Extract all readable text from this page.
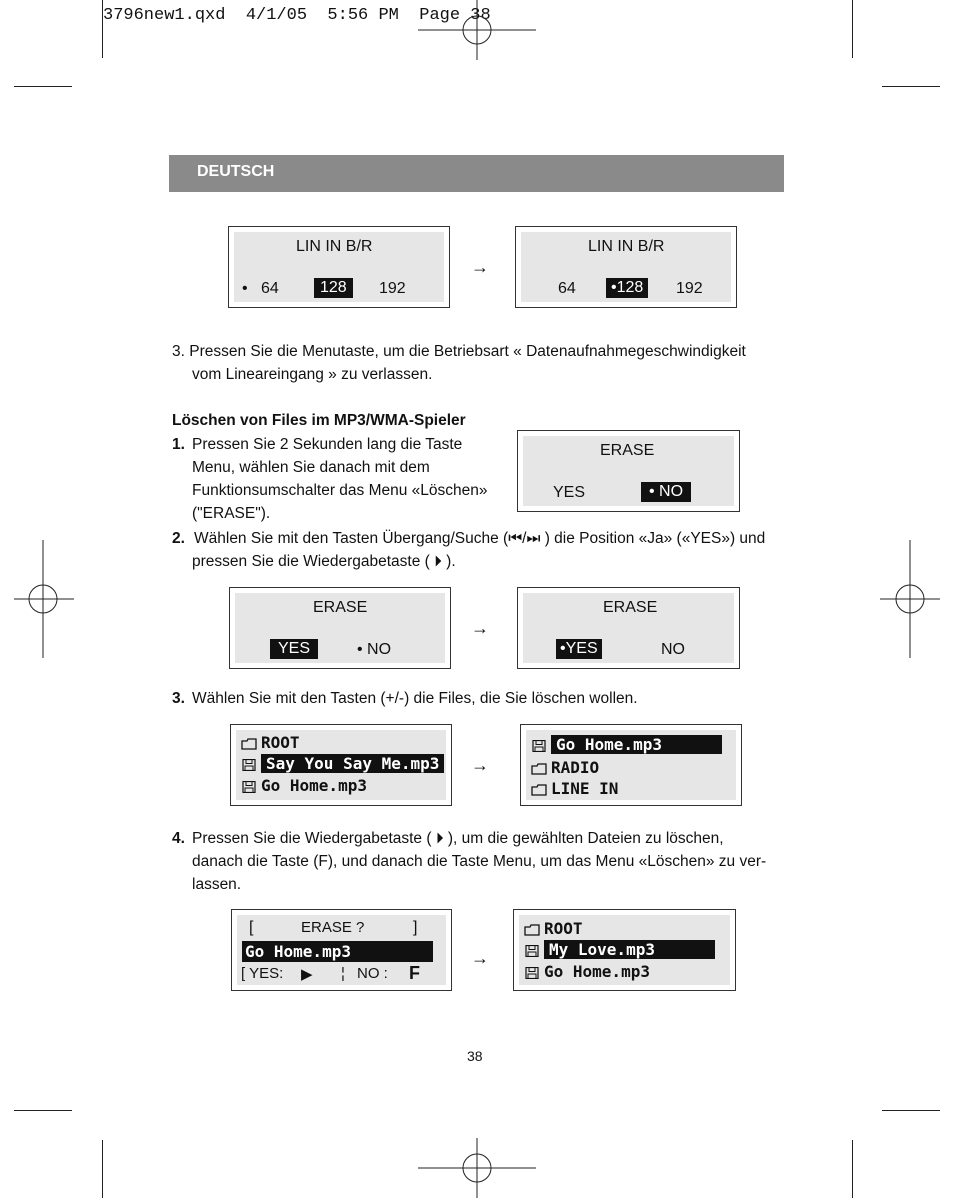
3796new1.qxd  4/1/05  5:56 PM  Page 38
DEUTSCH
LIN IN B/R
• 64	128	192
→
LIN IN B/R
64	•128	192
3. Pressen Sie die Menutaste, um die Betriebsart « Datenaufnahmegeschwindigkeit
vom Lineareingang » zu verlassen.
Löschen von Files im MP3/WMA-Spieler
1. Pressen Sie 2 Sekunden lang die Taste
Menu, wählen Sie danach mit dem
Funktionsumschalter das Menu «Löschen»
("ERASE").
ERASE
YES	• NO
2. Wählen Sie mit den Tasten Übergang/Suche (⏮/⏭ ) die Position «Ja» («YES») und
pressen Sie die Wiedergabetaste ( ⏵ ).
ERASE
YES	• NO
→
ERASE
•YES	NO
3. Wählen Sie mit den Tasten (+/-) die Files, die Sie löschen wollen.
ROOT
Say You Say Me.mp3
Go Home.mp3
→
Go Home.mp3
RADIO
LINE IN
4. Pressen Sie die Wiedergabetaste ( ⏵ ), um die gewählten Dateien zu löschen,
danach die Taste (F), und danach die Taste Menu, um das Menu «Löschen» zu ver-
lassen.
[	ERASE ?	]
Go Home.mp3
[ YES: ▶ ¦ NO : F
→
ROOT
My Love.mp3
Go Home.mp3
38
